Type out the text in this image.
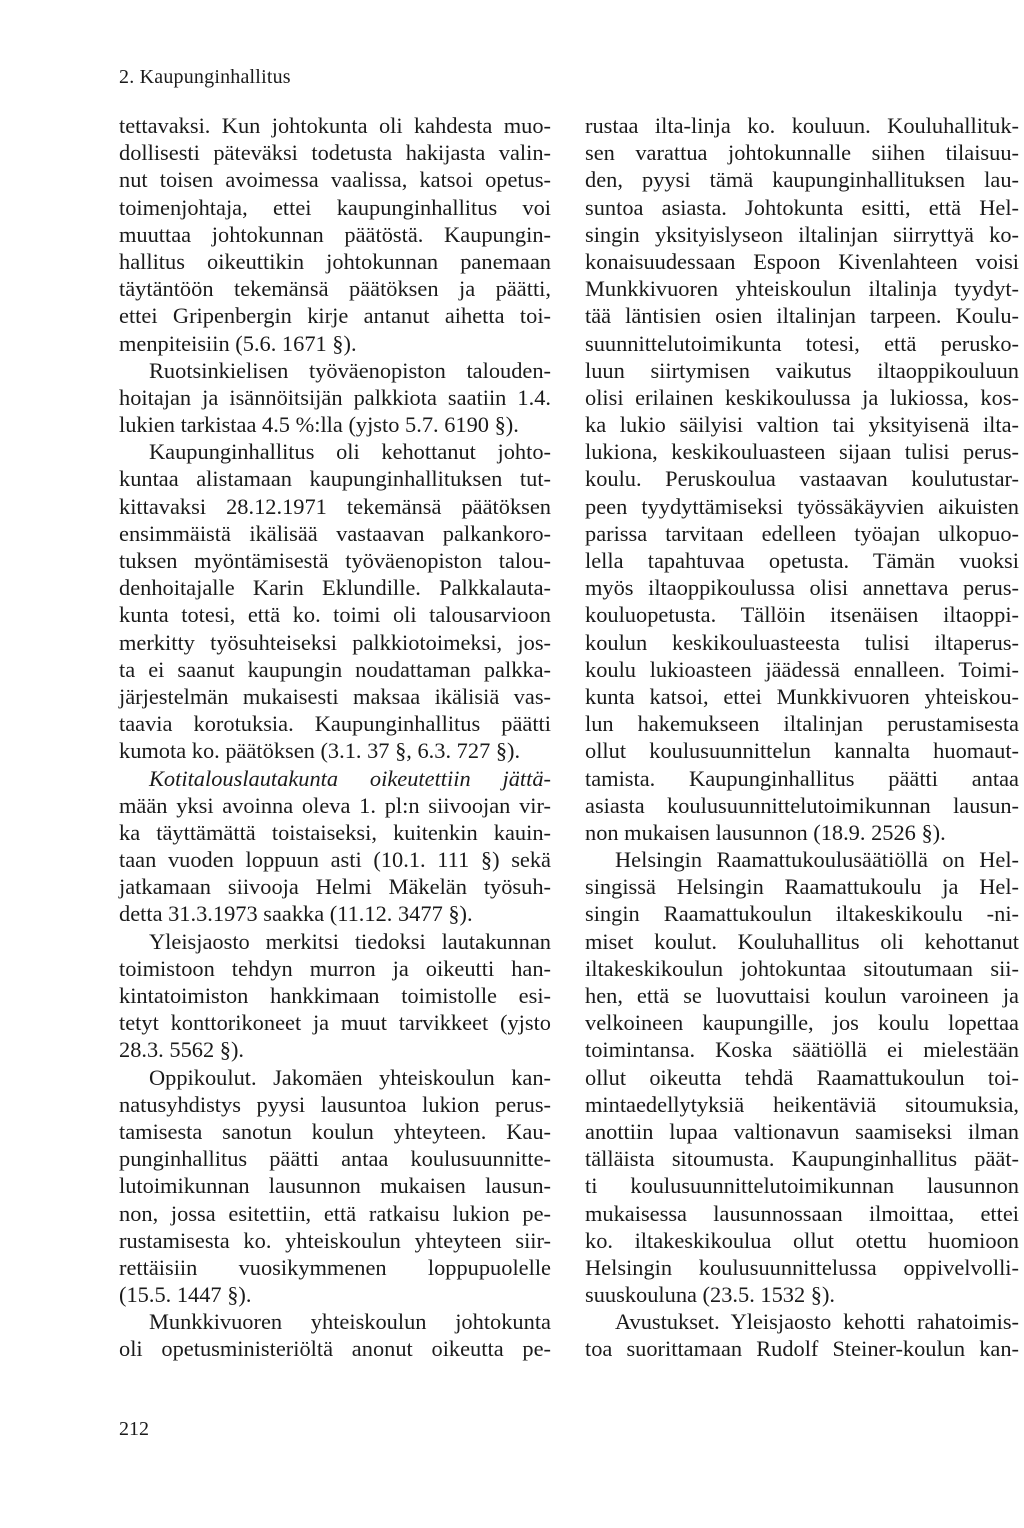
2. Kaupunginhallitus
tettavaksi. Kun johtokunta oli kahdesta muo-
dollisesti päteväksi todetusta hakijasta valin-
nut toisen avoimessa vaalissa, katsoi opetus-
toimenjohtaja, ettei kaupunginhallitus voi
muuttaa johtokunnan päätöstä. Kaupungin-
hallitus oikeuttikin johtokunnan panemaan
täytäntöön tekemänsä päätöksen ja päätti,
ettei Gripenbergin kirje antanut aihetta toi-
menpiteisiin (5.6. 1671 §).
Ruotsinkielisen työväenopiston talouden-
hoitajan ja isännöitsijän palkkiota saatiin 1.4.
lukien tarkistaa 4.5 %:lla (yjsto 5.7. 6190 §).
Kaupunginhallitus oli kehottanut johto-
kuntaa alistamaan kaupunginhallituksen tut-
kittavaksi 28.12.1971 tekemänsä päätöksen
ensimmäistä ikälisää vastaavan palkankoro-
tuksen myöntämisestä työväenopiston talou-
denhoitajalle Karin Eklundille. Palkkalauta-
kunta totesi, että ko. toimi oli talousarvioon
merkitty työsuhteiseksi palkkiotoimeksi, jos-
ta ei saanut kaupungin noudattaman palkka-
järjestelmän mukaisesti maksaa ikälisiä vas-
taavia korotuksia. Kaupunginhallitus päätti
kumota ko. päätöksen (3.1. 37 §, 6.3. 727 §).
Kotitalouslautakunta oikeutettiin jättä-
mään yksi avoinna oleva 1. pl:n siivoojan vir-
ka täyttämättä toistaiseksi, kuitenkin kauin-
taan vuoden loppuun asti (10.1. 111 §) sekä
jatkamaan siivooja Helmi Mäkelän työsuh-
detta 31.3.1973 saakka (11.12. 3477 §).
Yleisjaosto merkitsi tiedoksi lautakunnan
toimistoon tehdyn murron ja oikeutti han-
kintatoimiston hankkimaan toimistolle esi-
tetyt konttorikoneet ja muut tarvikkeet (yjsto
28.3. 5562 §).
Oppikoulut. Jakomäen yhteiskoulun kan-
natusyhdistys pyysi lausuntoa lukion perus-
tamisesta sanotun koulun yhteyteen. Kau-
punginhallitus päätti antaa koulusuunnitte-
lutoimikunnan lausunnon mukaisen lausun-
non, jossa esitettiin, että ratkaisu lukion pe-
rustamisesta ko. yhteiskoulun yhteyteen siir-
rettäisiin vuosikymmenen loppupuolelle
(15.5. 1447 §).
Munkkivuoren yhteiskoulun johtokunta
oli opetusministeriöltä anonut oikeutta pe-
rustaa ilta-linja ko. kouluun. Kouluhallituk-
sen varattua johtokunnalle siihen tilaisuu-
den, pyysi tämä kaupunginhallituksen lau-
suntoa asiasta. Johtokunta esitti, että Hel-
singin yksityislyseon iltalinjan siirryttyä ko-
konaisuudessaan Espoon Kivenlahteen voisi
Munkkivuoren yhteiskoulun iltalinja tyydyt-
tää läntisien osien iltalinjan tarpeen. Koulu-
suunnittelutoimikunta totesi, että perusko-
luun siirtymisen vaikutus iltaoppikouluun
olisi erilainen keskikoulussa ja lukiossa, kos-
ka lukio säilyisi valtion tai yksityisenä ilta-
lukiona, keskikouluasteen sijaan tulisi perus-
koulu. Peruskoulua vastaavan koulutustar-
peen tyydyttämiseksi työssäkäyvien aikuisten
parissa tarvitaan edelleen työajan ulkopuo-
lella tapahtuvaa opetusta. Tämän vuoksi
myös iltaoppikoulussa olisi annettava perus-
kouluopetusta. Tällöin itsenäisen iltaoppi-
koulun keskikouluasteesta tulisi iltaperus-
koulu lukioasteen jäädessä ennalleen. Toimi-
kunta katsoi, ettei Munkkivuoren yhteiskou-
lun hakemukseen iltalinjan perustamisesta
ollut koulusuunnittelun kannalta huomaut-
tamista. Kaupunginhallitus päätti antaa
asiasta koulusuunnittelutoimikunnan lausun-
non mukaisen lausunnon (18.9. 2526 §).
Helsingin Raamattukoulusäätiöllä on Hel-
singissä Helsingin Raamattukoulu ja Hel-
singin Raamattukoulun iltakeskikoulu -ni-
miset koulut. Kouluhallitus oli kehottanut
iltakeskikoulun johtokuntaa sitoutumaan sii-
hen, että se luovuttaisi koulun varoineen ja
velkoineen kaupungille, jos koulu lopettaa
toimintansa. Koska säätiöllä ei mielestään
ollut oikeutta tehdä Raamattukoulun toi-
mintaedellytyksiä heikentäviä sitoumuksia,
anottiin lupaa valtionavun saamiseksi ilman
tälläista sitoumusta. Kaupunginhallitus päät-
ti koulusuunnittelutoimikunnan lausunnon
mukaisessa lausunnossaan ilmoittaa, ettei
ko. iltakeskikoulua ollut otettu huomioon
Helsingin koulusuunnittelussa oppivelvolli-
suuskouluna (23.5. 1532 §).
Avustukset. Yleisjaosto kehotti rahatoimis-
toa suorittamaan Rudolf Steiner-koulun kan-
212
